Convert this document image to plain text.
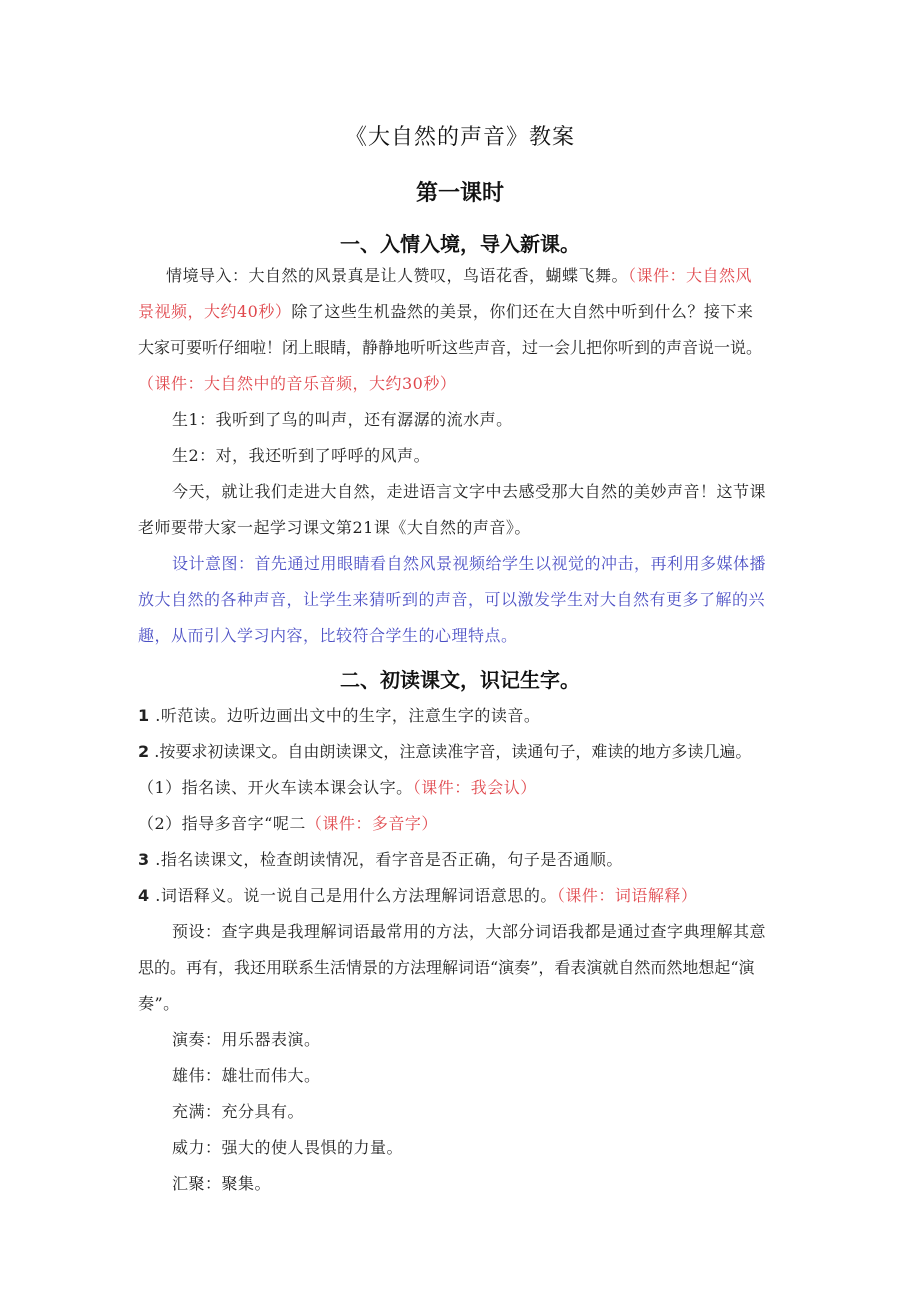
《大自然的声音》教案
第一课时
一、入情入境，导入新课。
情境导入：大自然的风景真是让人赞叹，鸟语花香，蝴蝶飞舞。（课件：大自然风
景视频，大约40秒）除了这些生机盎然的美景，你们还在大自然中听到什么？接下来
大家可要听仔细啦！闭上眼睛，静静地听听这些声音，过一会儿把你听到的声音说一说。
（课件：大自然中的音乐音频，大约30秒）
生1：我听到了鸟的叫声，还有潺潺的流水声。
生2：对，我还听到了呼呼的风声。
今天，就让我们走进大自然，走进语言文字中去感受那大自然的美妙声音！这节课
老师要带大家一起学习课文第21课《大自然的声音》。
设计意图：首先通过用眼睛看自然风景视频给学生以视觉的冲击，再利用多媒体播
放大自然的各种声音，让学生来猜听到的声音，可以激发学生对大自然有更多了解的兴
趣，从而引入学习内容，比较符合学生的心理特点。
二、初读课文，识记生字。
1 .听范读。边听边画出文中的生字，注意生字的读音。
2 .按要求初读课文。自由朗读课文，注意读准字音，读通句子，难读的地方多读几遍。
（1）指名读、开火车读本课会认字。（课件：我会认）
（2）指导多音字“呢二（课件：多音字）
3 .指名读课文，检查朗读情况，看字音是否正确，句子是否通顺。
4 .词语释义。说一说自己是用什么方法理解词语意思的。（课件：词语解释）
预设：查字典是我理解词语最常用的方法，大部分词语我都是通过查字典理解其意
思的。再有，我还用联系生活情景的方法理解词语“演奏”，看表演就自然而然地想起“演
奏”。
演奏：用乐器表演。
雄伟：雄壮而伟大。
充满：充分具有。
威力：强大的使人畏惧的力量。
汇聚：聚集。
